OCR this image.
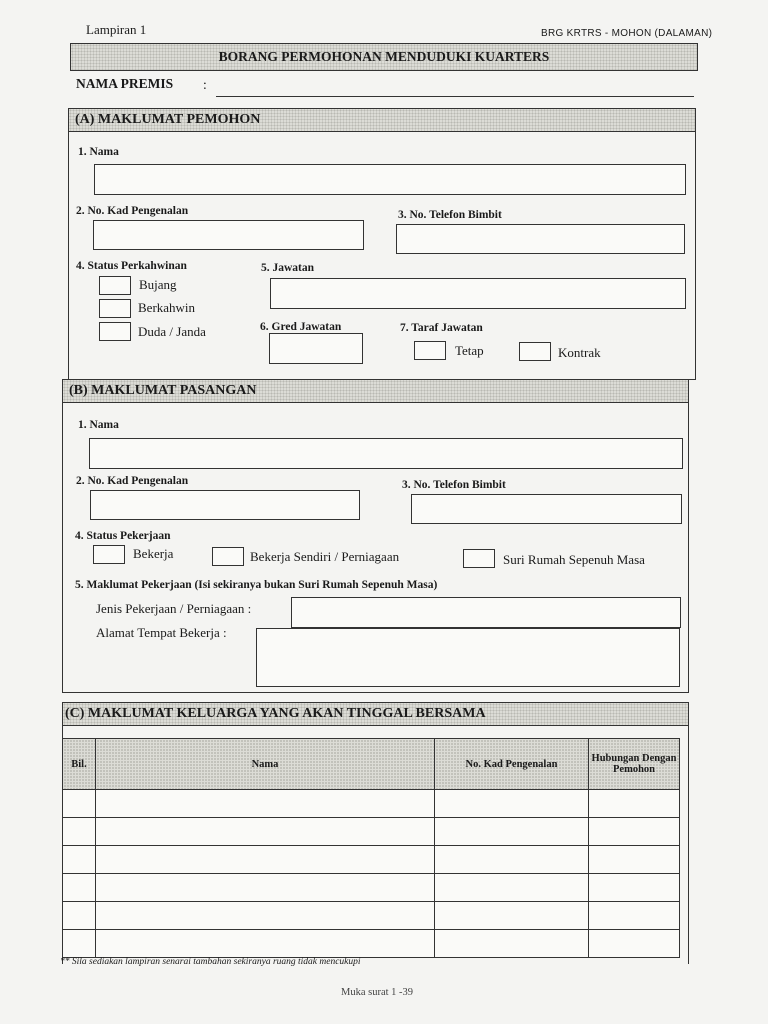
Lampiran 1	BRG KRTRS - MOHON (DALAMAN)
BORANG PERMOHONAN MENDUDUKI KUARTERS
NAMA PREMIS :
(A) MAKLUMAT PEMOHON
1. Nama
2. No. Kad Pengenalan	3. No. Telefon Bimbit
4. Status Perkahwinan
Bujang
Berkahwin
Duda / Janda
5. Jawatan
6. Gred Jawatan	7. Taraf Jawatan
Tetap	Kontrak
(B) MAKLUMAT PASANGAN
1. Nama
2. No. Kad Pengenalan	3. No. Telefon Bimbit
4. Status Pekerjaan
Bekerja	Bekerja Sendiri / Perniagaan	Suri Rumah Sepenuh Masa
5. Maklumat Pekerjaan (Isi sekiranya bukan Suri Rumah Sepenuh Masa)
Jenis Pekerjaan / Perniagaan :
Alamat Tempat Bekerja :
(C) MAKLUMAT KELUARGA YANG AKAN TINGGAL BERSAMA
Bil.	Nama	No. Kad Pengenalan	Hubungan Dengan Pemohon

** Sila sediakan lampiran senarai tambahan sekiranya ruang tidak mencukupi
Muka surat 1 -39
